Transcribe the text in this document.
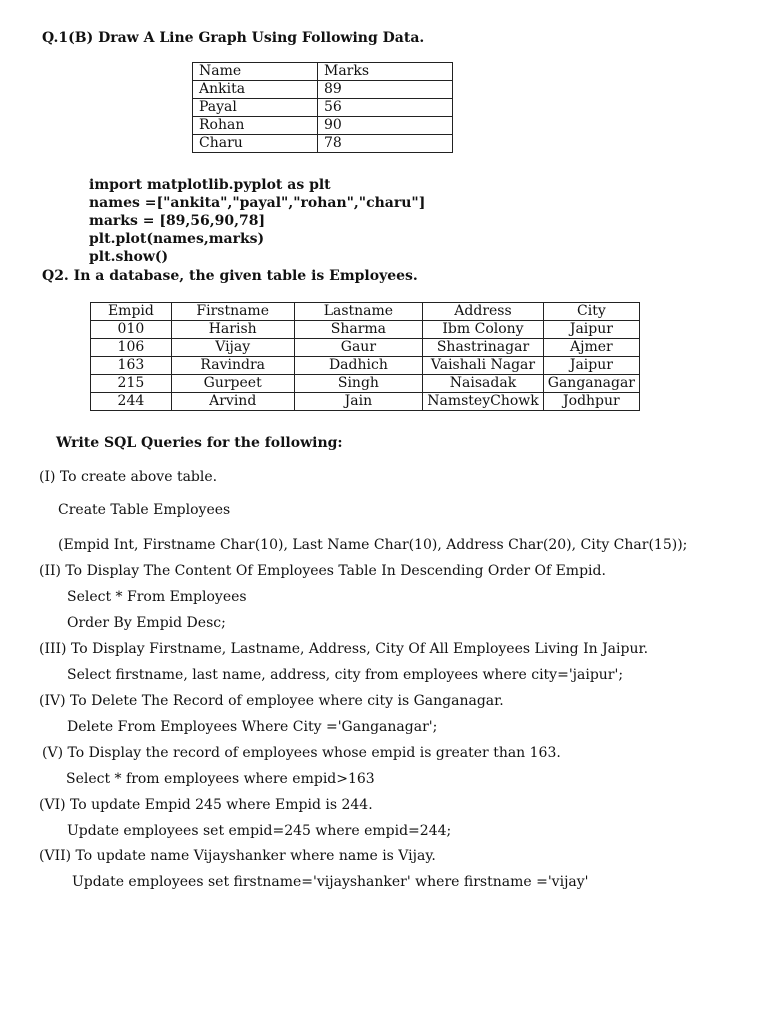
Q.1(B) Draw A Line Graph Using Following Data.
Name	Marks
Ankita	89
Payal	56
Rohan	90
Charu	78
import matplotlib.pyplot as plt
names =["ankita","payal","rohan","charu"]
marks = [89,56,90,78]
plt.plot(names,marks)
plt.show()
Q2. In a database, the given table is Employees.
Empid	Firstname	Lastname	Address	City
010	Harish	Sharma	Ibm Colony	Jaipur
106	Vijay	Gaur	Shastrinagar	Ajmer
163	Ravindra	Dadhich	Vaishali Nagar	Jaipur
215	Gurpeet	Singh	Naisadak	Ganganagar
244	Arvind	Jain	NamsteyChowk	Jodhpur
Write SQL Queries for the following:
(I) To create above table.
Create Table Employees
(Empid Int, Firstname Char(10), Last Name Char(10), Address Char(20), City Char(15));
(II) To Display The Content Of Employees Table In Descending Order Of Empid.
Select * From Employees
Order By Empid Desc;
(III) To Display Firstname, Lastname, Address, City Of All Employees Living In Jaipur.
Select firstname, last name, address, city from employees where city='jaipur';
(IV) To Delete The Record of employee where city is Ganganagar.
Delete From Employees Where City ='Ganganagar';
(V) To Display the record of employees whose empid is greater than 163.
Select * from employees where empid>163
(VI) To update Empid 245 where Empid is 244.
Update employees set empid=245 where empid=244;
(VII) To update name Vijayshanker where name is Vijay.
Update employees set firstname='vijayshanker' where firstname ='vijay'
